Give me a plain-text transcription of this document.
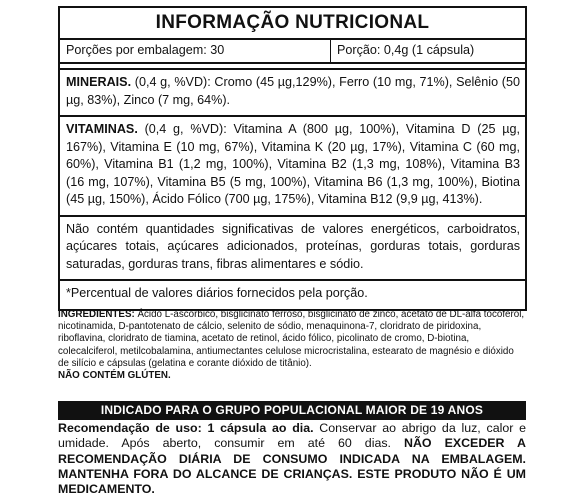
INFORMAÇÃO NUTRICIONAL
Porções por embalagem: 30	Porção: 0,4g (1 cápsula)
MINERAIS. (0,4 g, %VD): Cromo (45 µg,129%), Ferro (10 mg, 71%), Selênio (50 µg, 83%), Zinco (7 mg, 64%).
VITAMINAS. (0,4 g, %VD): Vitamina A (800 µg, 100%), Vitamina D (25 µg, 167%), Vitamina E (10 mg, 67%), Vitamina K (20 µg, 17%), Vitamina C (60 mg, 60%), Vitamina B1 (1,2 mg, 100%), Vitamina B2 (1,3 mg, 108%), Vitamina B3 (16 mg, 107%), Vitamina B5 (5 mg, 100%), Vitamina B6 (1,3 mg, 100%), Biotina (45 µg, 150%), Ácido Fólico (700 µg, 175%), Vitamina B12 (9,9 µg, 413%).
Não contém quantidades significativas de valores energéticos, carboidratos, açúcares totais, açúcares adicionados, proteínas, gorduras totais, gorduras saturadas, gorduras trans, fibras alimentares e sódio.
*Percentual de valores diários fornecidos pela porção.
INGREDIENTES: Ácido L-ascórbico, bisglicinato ferroso, bisglicinato de zinco, acetato de DL-alfa tocoferol, nicotinamida, D-pantotenato de cálcio, selenito de sódio, menaquinona-7, cloridrato de piridoxina, riboflavina, cloridrato de tiamina, acetato de retinol, ácido fólico, picolinato de cromo, D-biotina, colecalciferol, metilcobalamina, antiumectantes celulose microcristalina, estearato de magnésio e dióxido de silício e cápsulas (gelatina e corante dióxido de titânio).
NÃO CONTÉM GLÚTEN.
INDICADO PARA O GRUPO POPULACIONAL MAIOR DE 19 ANOS
Recomendação de uso: 1 cápsula ao dia. Conservar ao abrigo da luz, calor e umidade. Após aberto, consumir em até 60 dias. NÃO EXCEDER A RECOMENDAÇÃO DIÁRIA DE CONSUMO INDICADA NA EMBALAGEM. MANTENHA FORA DO ALCANCE DE CRIANÇAS. ESTE PRODUTO NÃO É UM MEDICAMENTO.
